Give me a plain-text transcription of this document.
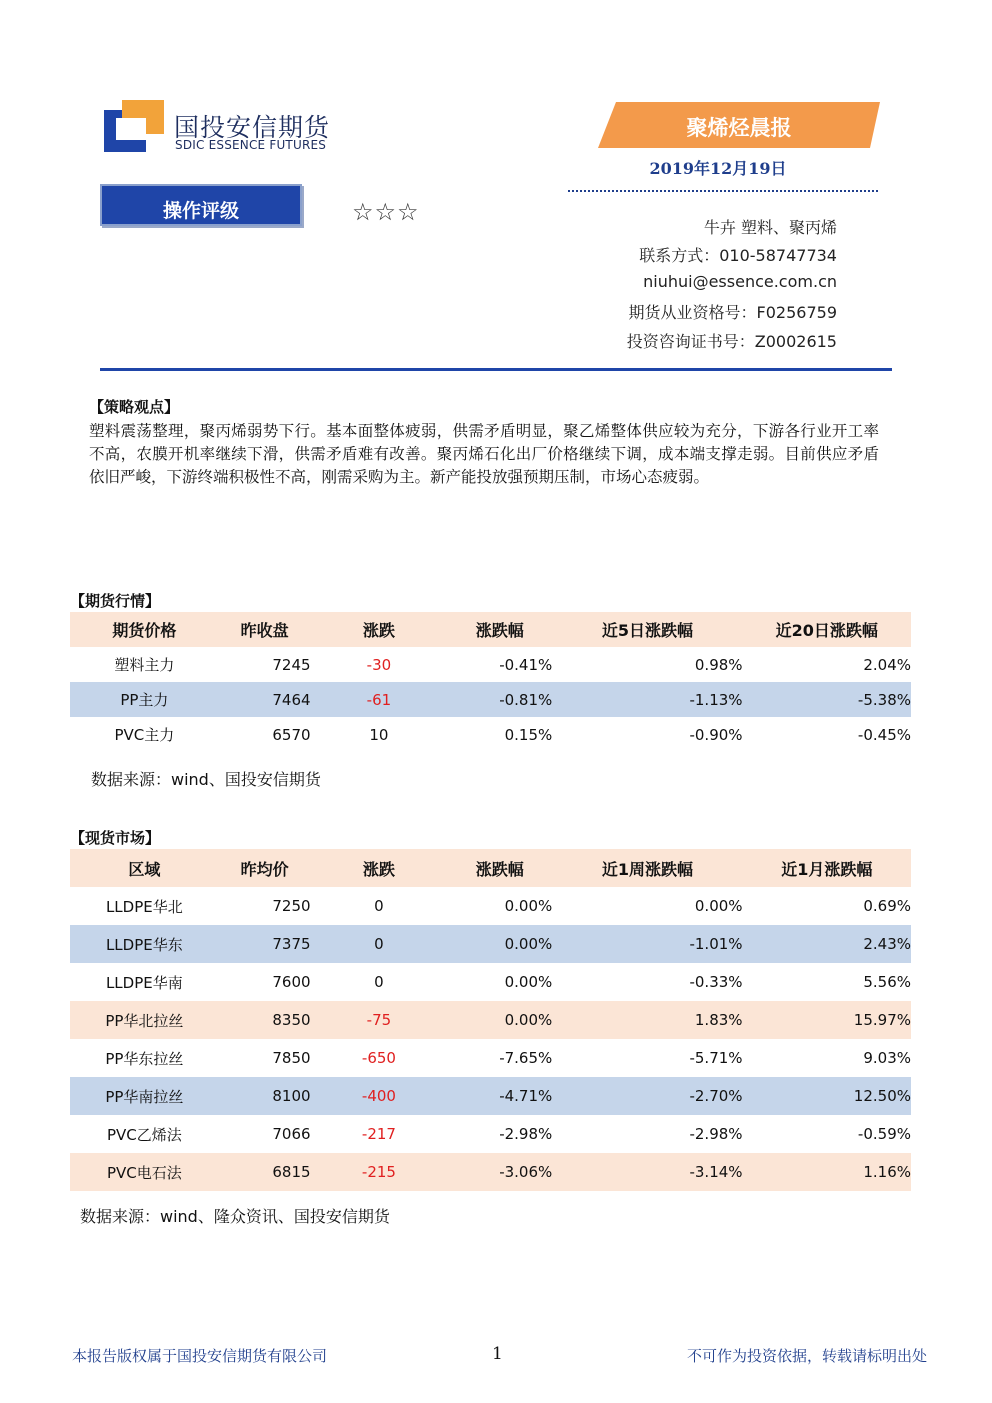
国投安信期货
SDIC ESSENCE FUTURES
聚烯烃晨报
2019年12月19日
操作评级	☆☆☆
牛卉 塑料、聚丙烯
联系方式：010-58747734
niuhui@essence.com.cn
期货从业资格号：F0256759
投资咨询证书号：Z0002615
【策略观点】
塑料震荡整理，聚丙烯弱势下行。基本面整体疲弱，供需矛盾明显，聚乙烯整体供应较为充分，下游各行业开工率不高，农膜开机率继续下滑，供需矛盾难有改善。聚丙烯石化出厂价格继续下调，成本端支撑走弱。目前供应矛盾依旧严峻，下游终端积极性不高，刚需采购为主。新产能投放强预期压制，市场心态疲弱。
【期货行情】
期货价格	昨收盘	涨跌	涨跌幅	近5日涨跌幅	近20日涨跌幅
塑料主力	7245	-30	-0.41%	0.98%	2.04%
PP主力	7464	-61	-0.81%	-1.13%	-5.38%
PVC主力	6570	10	0.15%	-0.90%	-0.45%
数据来源：wind、国投安信期货
【现货市场】
区域	昨均价	涨跌	涨跌幅	近1周涨跌幅	近1月涨跌幅
LLDPE华北	7250	0	0.00%	0.00%	0.69%
LLDPE华东	7375	0	0.00%	-1.01%	2.43%
LLDPE华南	7600	0	0.00%	-0.33%	5.56%
PP华北拉丝	8350	-75	0.00%	1.83%	15.97%
PP华东拉丝	7850	-650	-7.65%	-5.71%	9.03%
PP华南拉丝	8100	-400	-4.71%	-2.70%	12.50%
PVC乙烯法	7066	-217	-2.98%	-2.98%	-0.59%
PVC电石法	6815	-215	-3.06%	-3.14%	1.16%
数据来源：wind、隆众资讯、国投安信期货
本报告版权属于国投安信期货有限公司	1	不可作为投资依据，转载请标明出处
